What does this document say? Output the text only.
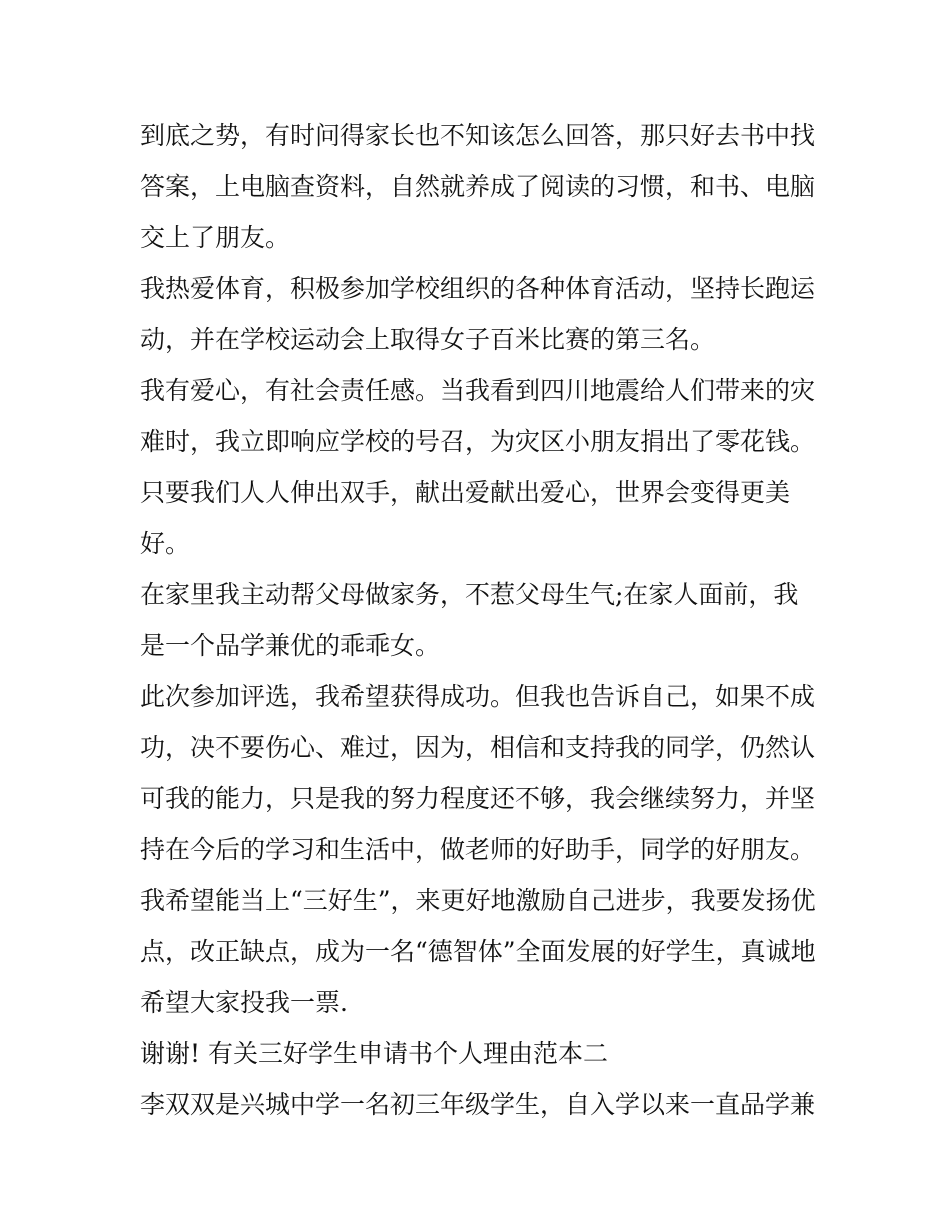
到底之势，有时问得家长也不知该怎么回答，那只好去书中找

答案，上电脑查资料，自然就养成了阅读的习惯，和书、电脑

交上了朋友。

我热爱体育，积极参加学校组织的各种体育活动，坚持长跑运

动，并在学校运动会上取得女子百米比赛的第三名。

我有爱心，有社会责任感。当我看到四川地震给人们带来的灾

难时，我立即响应学校的号召，为灾区小朋友捐出了零花钱。

只要我们人人伸出双手，献出爱献出爱心，世界会变得更美

好。

在家里我主动帮父母做家务，不惹父母生气;在家人面前，我

是一个品学兼优的乖乖女。

此次参加评选，我希望获得成功。但我也告诉自己，如果不成

功，决不要伤心、难过，因为，相信和支持我的同学，仍然认

可我的能力，只是我的努力程度还不够，我会继续努力，并坚

持在今后的学习和生活中，做老师的好助手，同学的好朋友。

我希望能当上“三好生”，来更好地激励自己进步，我要发扬优

点，改正缺点，成为一名“德智体”全面发展的好学生，真诚地

希望大家投我一票.

谢谢! 有关三好学生申请书个人理由范本二

李双双是兴城中学一名初三年级学生，自入学以来一直品学兼
